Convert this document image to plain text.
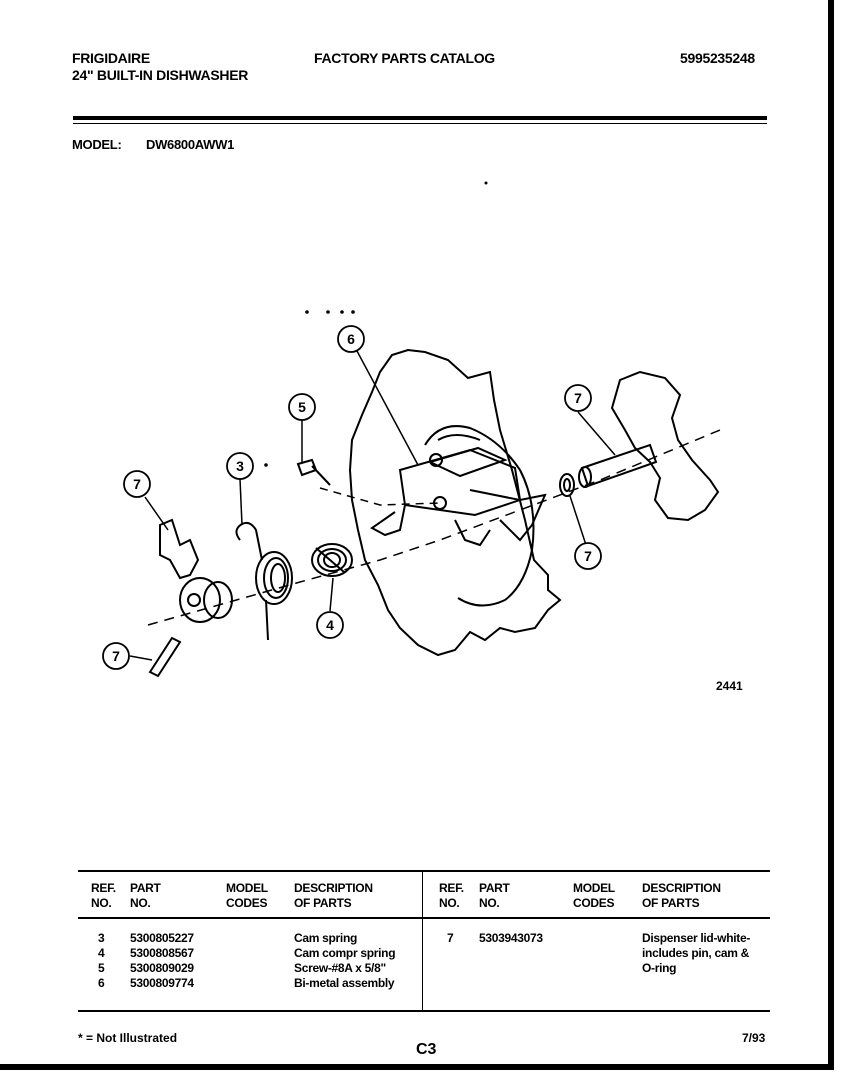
FRIGIDAIRE
24" BUILT-IN DISHWASHER
FACTORY PARTS CATALOG	5995235248
MODEL: DW6800AWW1
6
5
7
3
7
7
4
7
2441
REF.
NO.
PART
NO.
MODEL
CODES
DESCRIPTION
OF PARTS
REF.
NO.
PART
NO.
MODEL
CODES
DESCRIPTION
OF PARTS
3
4
5
6
5300805227
5300808567
5300809029
5300809774
Cam spring
Cam compr spring
Screw-#8A x 5/8"
Bi-metal assembly
7 5303943073	Dispenser lid-white-
includes pin, cam &
O-ring
* = Not Illustrated
C3
7/93
